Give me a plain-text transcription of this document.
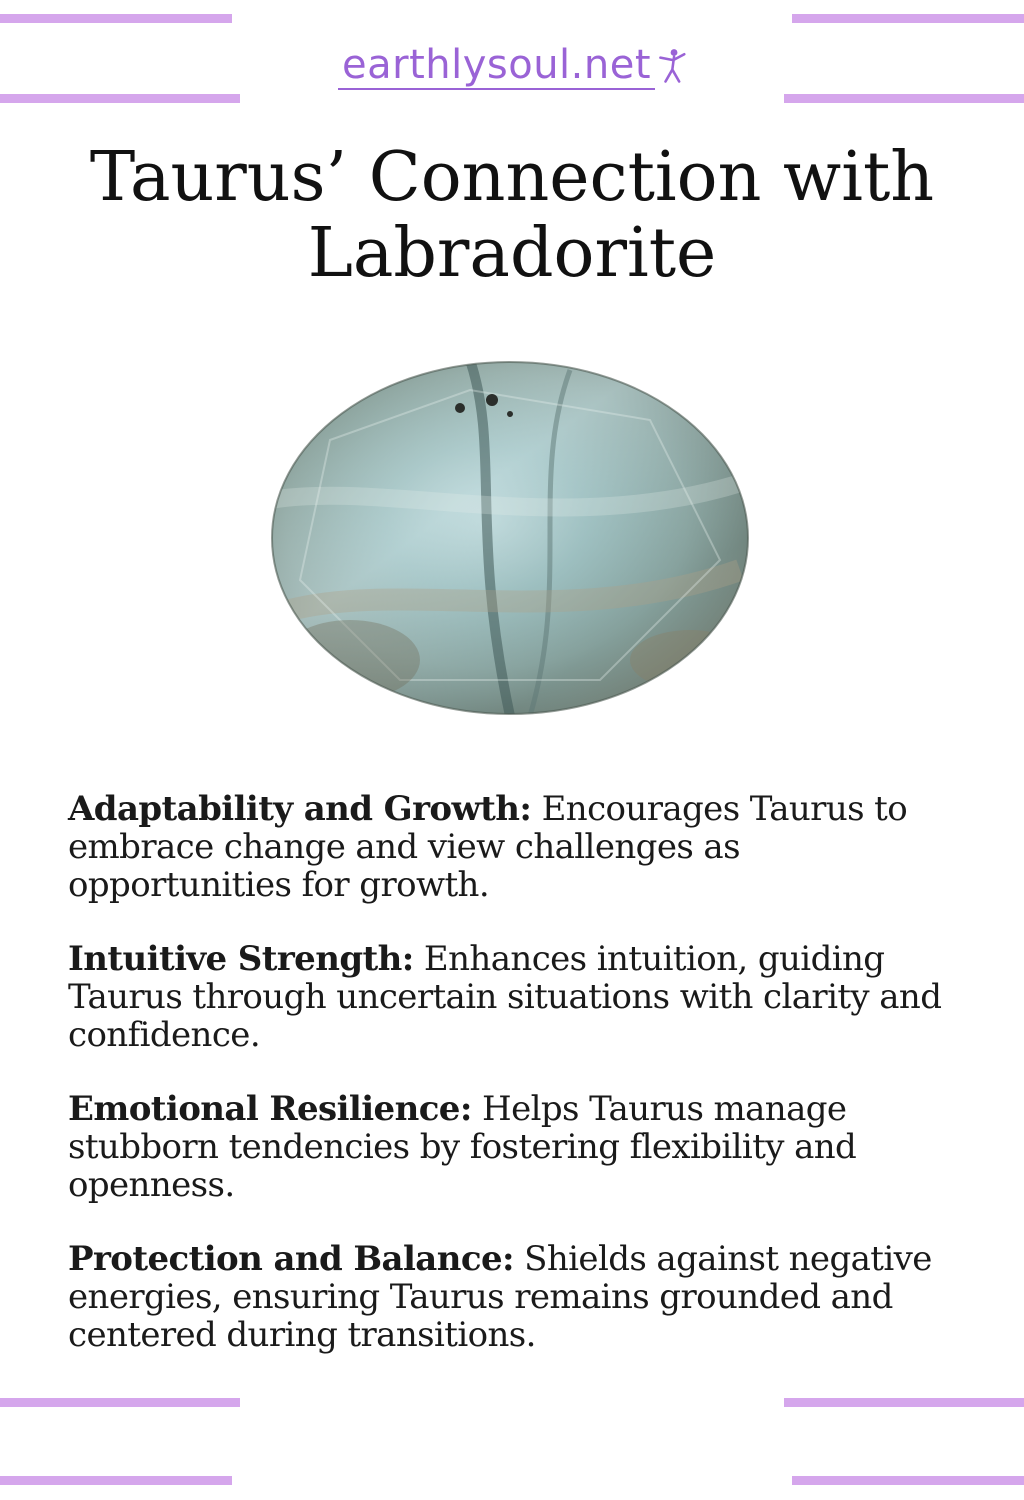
earthlysoul.net
Taurus’ Connection with
Labradorite

Adaptability and Growth: Encourages Taurus to embrace change and view challenges as opportunities for growth.

Intuitive Strength: Enhances intuition, guiding Taurus through uncertain situations with clarity and confidence.

Emotional Resilience: Helps Taurus manage stubborn tendencies by fostering flexibility and openness.

Protection and Balance: Shields against negative energies, ensuring Taurus remains grounded and centered during transitions.
